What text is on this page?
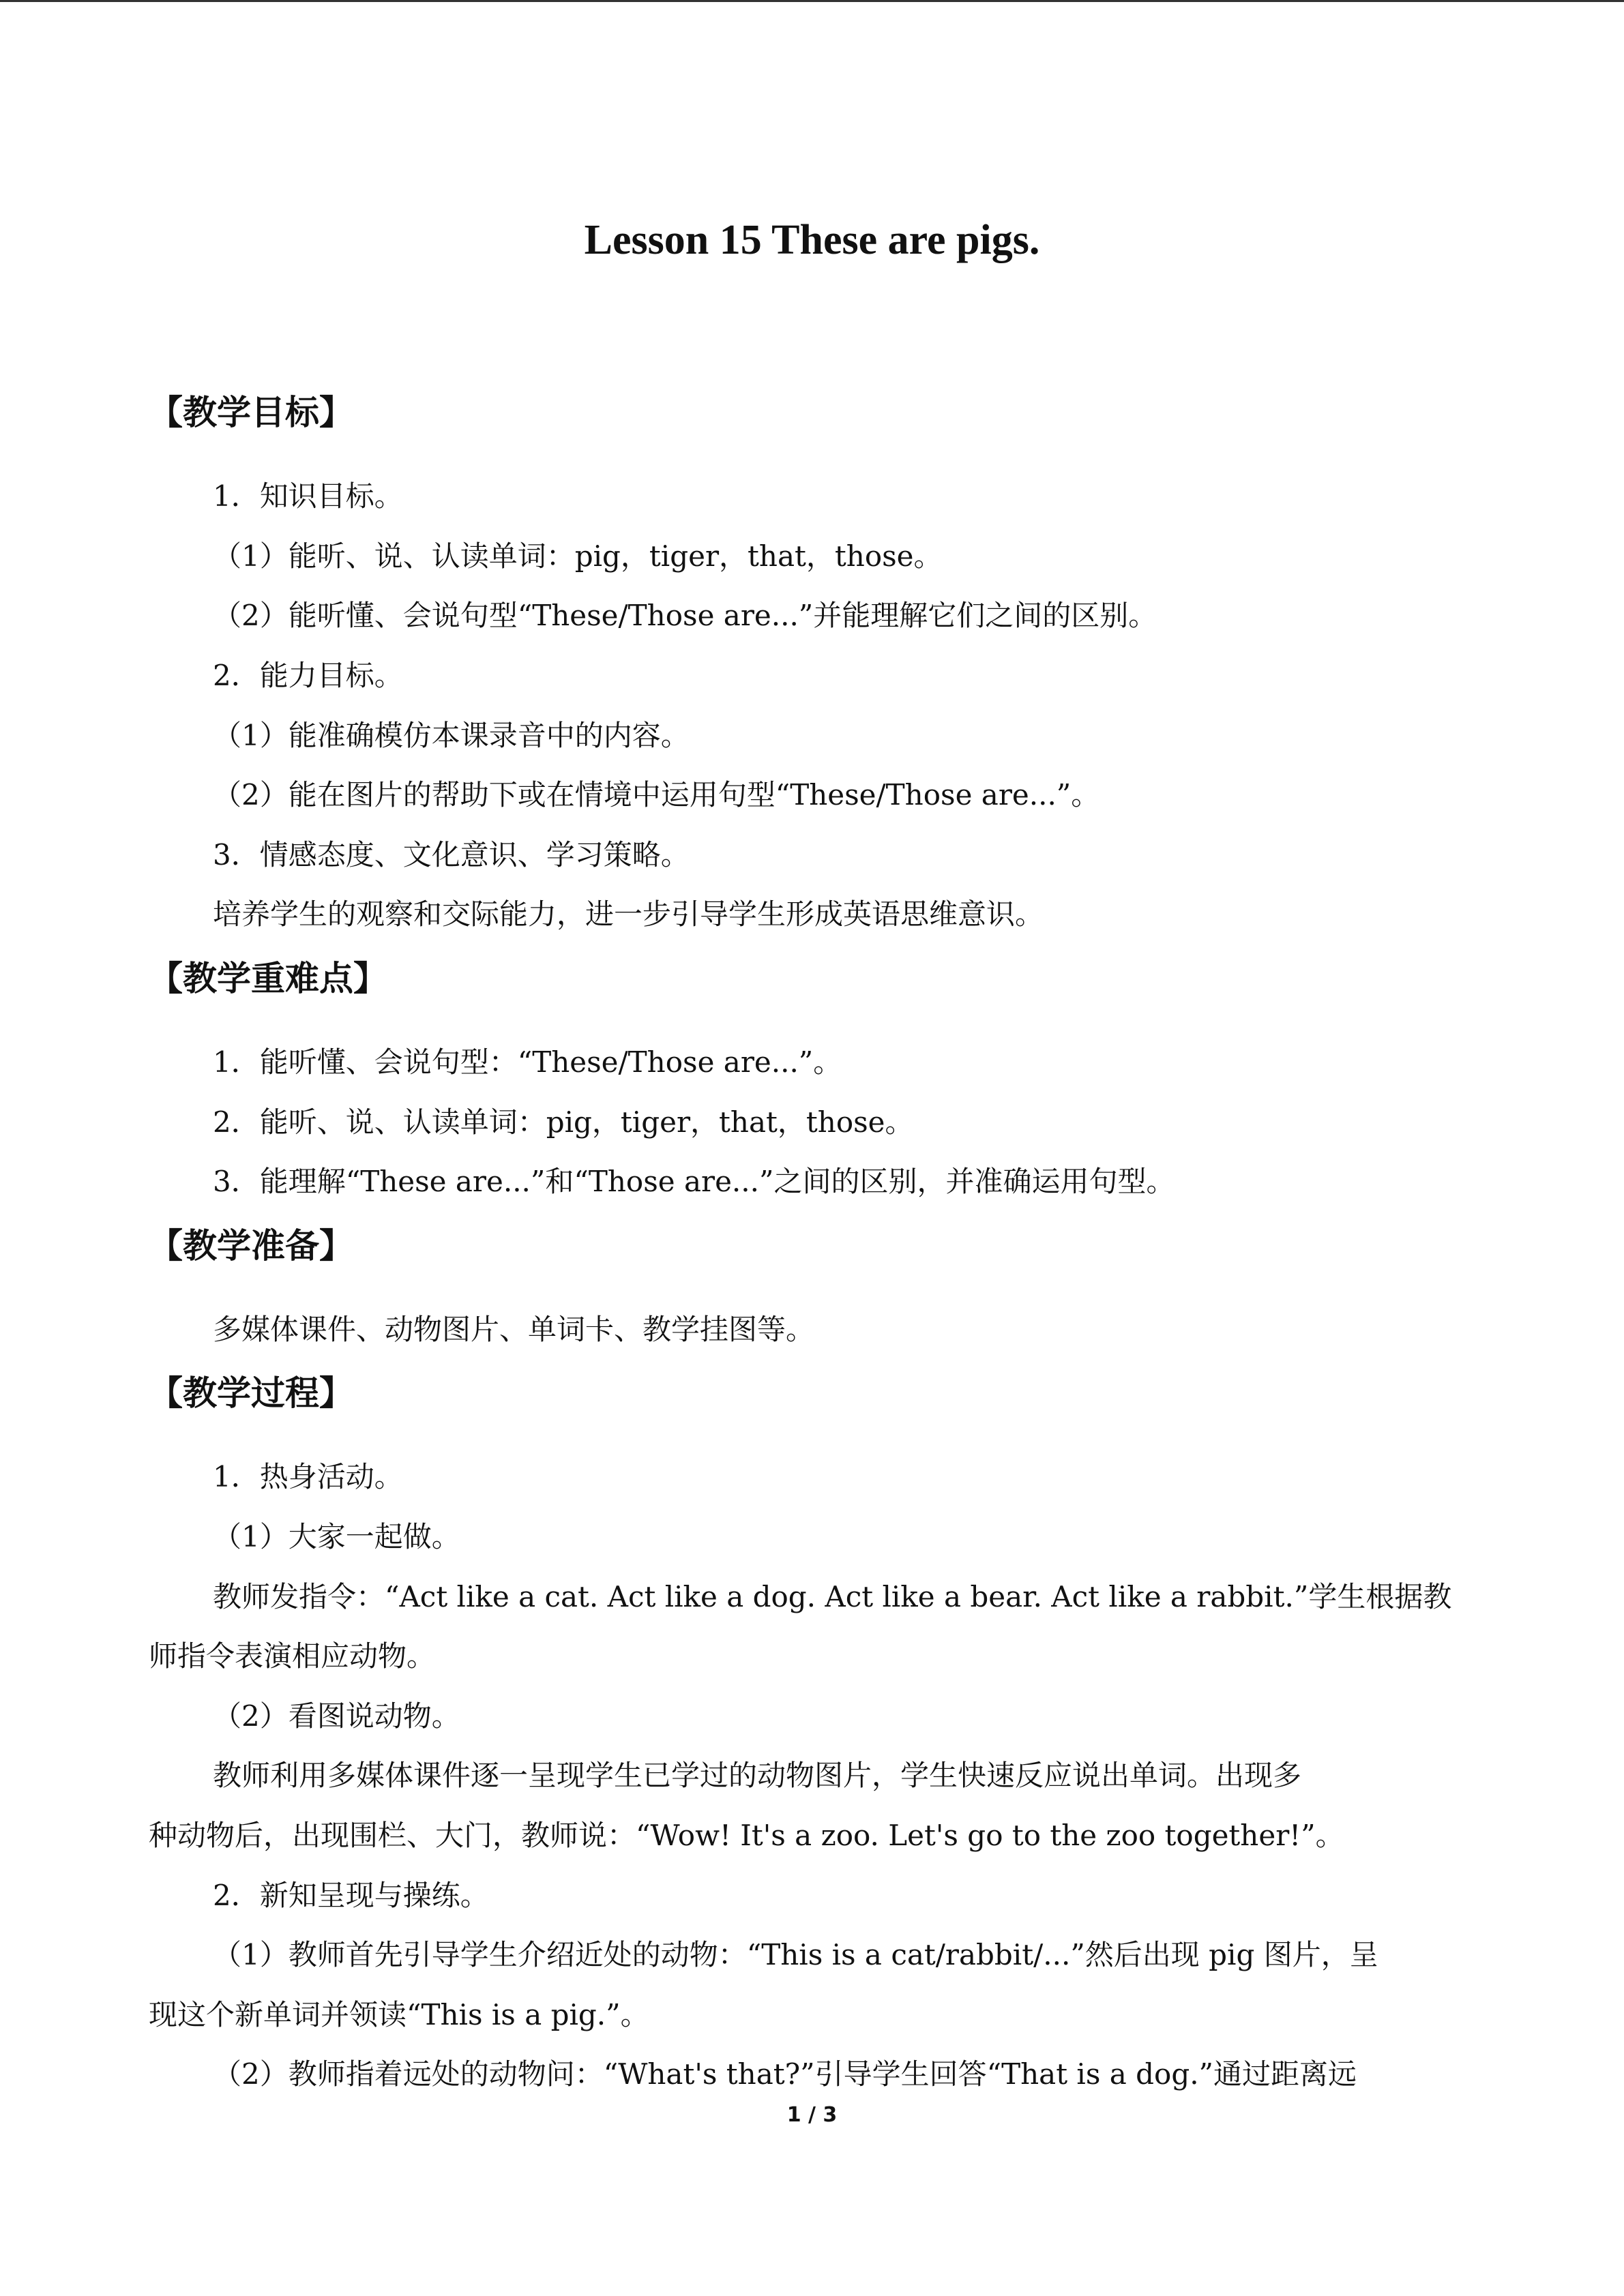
Lesson 15 These are pigs.
【教学目标】
1．知识目标。
（1）能听、说、认读单词：pig，tiger，that，those。
（2）能听懂、会说句型“These/Those are...”并能理解它们之间的区别。
2．能力目标。
（1）能准确模仿本课录音中的内容。
（2）能在图片的帮助下或在情境中运用句型“These/Those are...”。
3．情感态度、文化意识、学习策略。
培养学生的观察和交际能力，进一步引导学生形成英语思维意识。
【教学重难点】
1．能听懂、会说句型：“These/Those are...”。
2．能听、说、认读单词：pig，tiger，that，those。
3．能理解“These are...”和“Those are...”之间的区别，并准确运用句型。
【教学准备】
多媒体课件、动物图片、单词卡、教学挂图等。
【教学过程】
1．热身活动。
（1）大家一起做。
教师发指令：“Act like a cat. Act like a dog. Act like a bear. Act like a rabbit.”学生根据教
师指令表演相应动物。
（2）看图说动物。
教师利用多媒体课件逐一呈现学生已学过的动物图片，学生快速反应说出单词。出现多
种动物后，出现围栏、大门，教师说：“Wow! It's a zoo. Let's go to the zoo together!”。
2．新知呈现与操练。
（1）教师首先引导学生介绍近处的动物：“This is a cat/rabbit/...”然后出现 pig 图片，呈
现这个新单词并领读“This is a pig.”。
（2）教师指着远处的动物问：“What's that?”引导学生回答“That is a dog.”通过距离远
1 / 3
